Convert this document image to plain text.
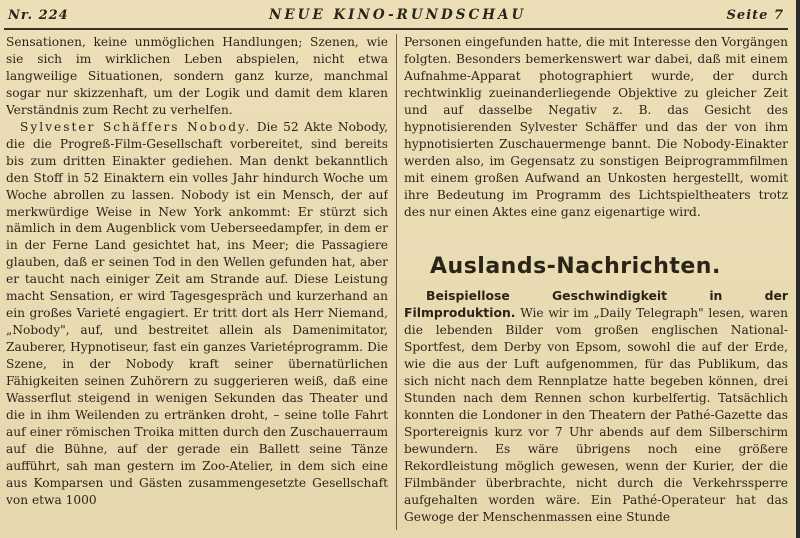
Nr. 224	NEUE KINO-RUNDSCHAU	Seite 7

Sensationen, keine unmöglichen Handlungen; Szenen, wie sie sich im wirklichen Leben abspielen, nicht etwa langweilige Situationen, sondern ganz kurze, manchmal sogar nur skizzenhaft, um der Logik und damit dem klaren Verständnis zum Recht zu verhelfen.

Sylvester Schäffers Nobody. Die 52 Akte Nobody, die die Progreß-Film-Gesellschaft vorbereitet, sind bereits bis zum dritten Einakter gediehen. Man denkt bekanntlich den Stoff in 52 Einaktern ein volles Jahr hindurch Woche um Woche abrollen zu lassen. Nobody ist ein Mensch, der auf merkwürdige Weise in New York ankommt: Er stürzt sich nämlich in dem Augenblick vom Ueberseedampfer, in dem er in der Ferne Land gesichtet hat, ins Meer; die Passagiere glauben, daß er seinen Tod in den Wellen gefunden hat, aber er taucht nach einiger Zeit am Strande auf. Diese Leistung macht Sensation, er wird Tagesgespräch und kurzerhand an ein großes Varieté engagiert. Er tritt dort als Herr Niemand, „Nobody", auf, und bestreitet allein als Damenimitator, Zauberer, Hypnotiseur, fast ein ganzes Varietéprogramm. Die Szene, in der Nobody kraft seiner übernatürlichen Fähigkeiten seinen Zuhörern zu suggerieren weiß, daß eine Wasserflut steigend in wenigen Sekunden das Theater und die in ihm Weilenden zu ertränken droht, – seine tolle Fahrt auf einer römischen Troika mitten durch den Zuschauerraum auf die Bühne, auf der gerade ein Ballett seine Tänze aufführt, sah man gestern im Zoo-Atelier, in dem sich eine aus Komparsen und Gästen zusammengesetzte Gesellschaft von etwa 1000

Personen eingefunden hatte, die mit Interesse den Vorgängen folgten. Besonders bemerkenswert war dabei, daß mit einem Aufnahme-Apparat photographiert wurde, der durch rechtwinklig zueinanderliegende Objektive zu gleicher Zeit und auf dasselbe Negativ z. B. das Gesicht des hypnotisierenden Sylvester Schäffer und das der von ihm hypnotisierten Zuschauermenge bannt. Die Nobody-Einakter werden also, im Gegensatz zu sonstigen Beiprogrammfilmen mit einem großen Aufwand an Unkosten hergestellt, womit ihre Bedeutung im Programm des Lichtspieltheaters trotz des nur einen Aktes eine ganz eigenartige wird.

Auslands-Nachrichten.

Beispiellose Geschwindigkeit in der Filmproduktion. Wie wir im „Daily Telegraph" lesen, waren die lebenden Bilder vom großen englischen National-Sportfest, dem Derby von Epsom, sowohl die auf der Erde, wie die aus der Luft aufgenommen, für das Publikum, das sich nicht nach dem Rennplatze hatte begeben können, drei Stunden nach dem Rennen schon kurbelfertig. Tatsächlich konnten die Londoner in den Theatern der Pathé-Gazette das Sportereignis kurz vor 7 Uhr abends auf dem Silberschirm bewundern. Es wäre übrigens noch eine größere Rekordleistung möglich gewesen, wenn der Kurier, der die Filmbänder überbrachte, nicht durch die Verkehrssperre aufgehalten worden wäre. Ein Pathé-Operateur hat das Gewoge der Menschenmassen eine Stunde
